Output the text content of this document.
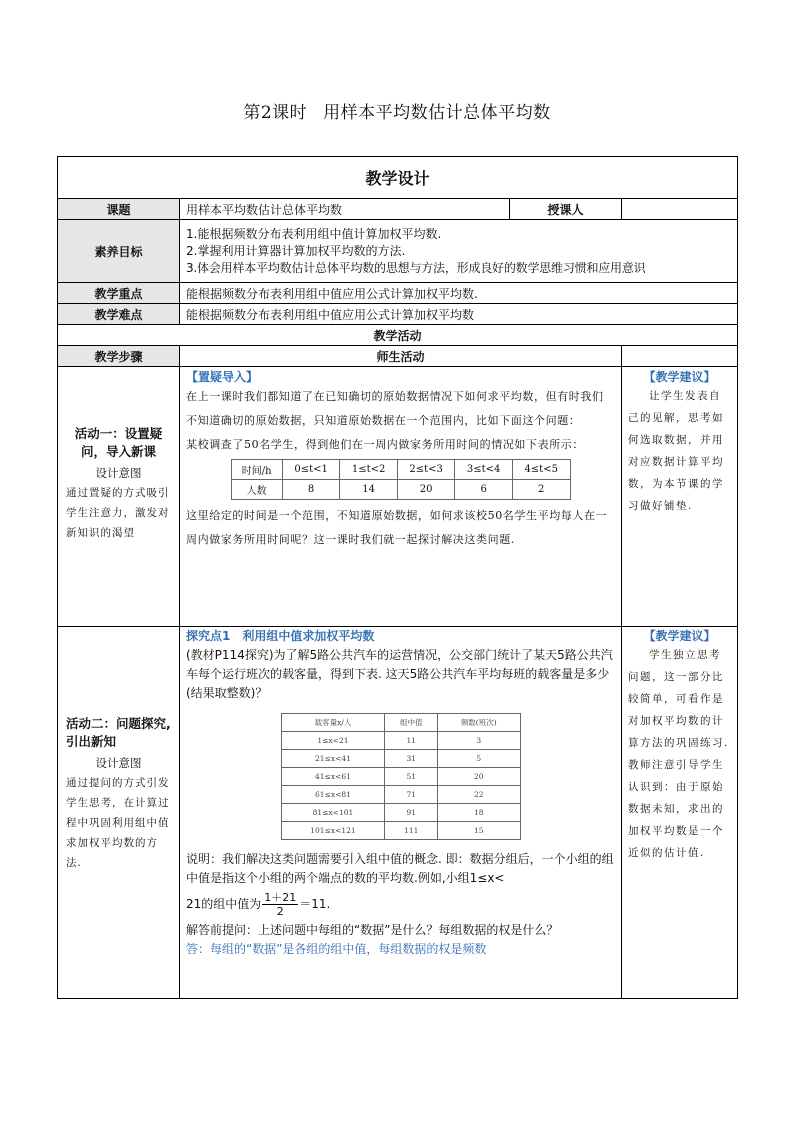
第2课时 用样本平均数估计总体平均数
教学设计
课题	用样本平均数估计总体平均数	授课人	
素养目标	
1.能根据频数分布表利用组中值计算加权平均数.
2.掌握利用计算器计算加权平均数的方法.
3.体会用样本平均数估计总体平均数的思想与方法，形成良好的数学思维习惯和应用意识

教学重点	能根据频数分布表利用组中值应用公式计算加权平均数.
教学难点	能根据频数分布表利用组中值应用公式计算加权平均数
教学活动
教学步骤	师生活动	

活动一：设置疑
问，导入新课
设计意图
通过置疑的方式吸引学生注意力，激发对新知识的渴望

【置疑导入】
在上一课时我们都知道了在已知确切的原始数据情况下如何求平均数，但有时我们不知道确切的原始数据，只知道原始数据在一个范围内，比如下面这个问题：
某校调查了50名学生，得到他们在一周内做家务所用时间的情况如下表所示：
时间/h	0≤t<1	1≤t<2	2≤t<3	3≤t<4	4≤t<5
人数	8	14	20	6	2
这里给定的时间是一个范围，不知道原始数据，如何求该校50名学生平均每人在一周内做家务所用时间呢？这一课时我们就一起探讨解决这类问题.

【教学建议】
让学生发表自己的见解，思考如何选取数据，并用对应数据计算平均数，为本节课的学习做好铺垫.

活动二：问题探究,
引出新知
设计意图
通过提问的方式引发学生思考，在计算过程中巩固利用组中值求加权平均数的方法.

探究点1　利用组中值求加权平均数
(教材P114探究)为了解5路公共汽车的运营情况，公交部门统计了某天5路公共汽车每个运行班次的载客量，得到下表. 这天5路公共汽车平均每班的载客量是多少(结果取整数)？
载客量x/人	组中值	频数(班次)
1≤x<21	11	3
21≤x<41	31	5
41≤x<61	51	20
61≤x<81	71	22
81≤x<101	91	18
101≤x<121	111	15
说明：我们解决这类问题需要引入组中值的概念. 即：数据分组后，一个小组的组中值是指这个小组的两个端点的数的平均数.例如,小组1≤x<
21的组中值为 $\frac{1+21}{2} =11$.
解答前提问：上述问题中每组的“数据”是什么？每组数据的权是什么？
答：每组的“数据”是各组的组中值，每组数据的权是频数

【教学建议】
学生独立思考问题，这一部分比较简单，可看作是对加权平均数的计算方法的巩固练习. 教师注意引导学生认识到：由于原始数据未知，求出的加权平均数是一个近似的估计值.
